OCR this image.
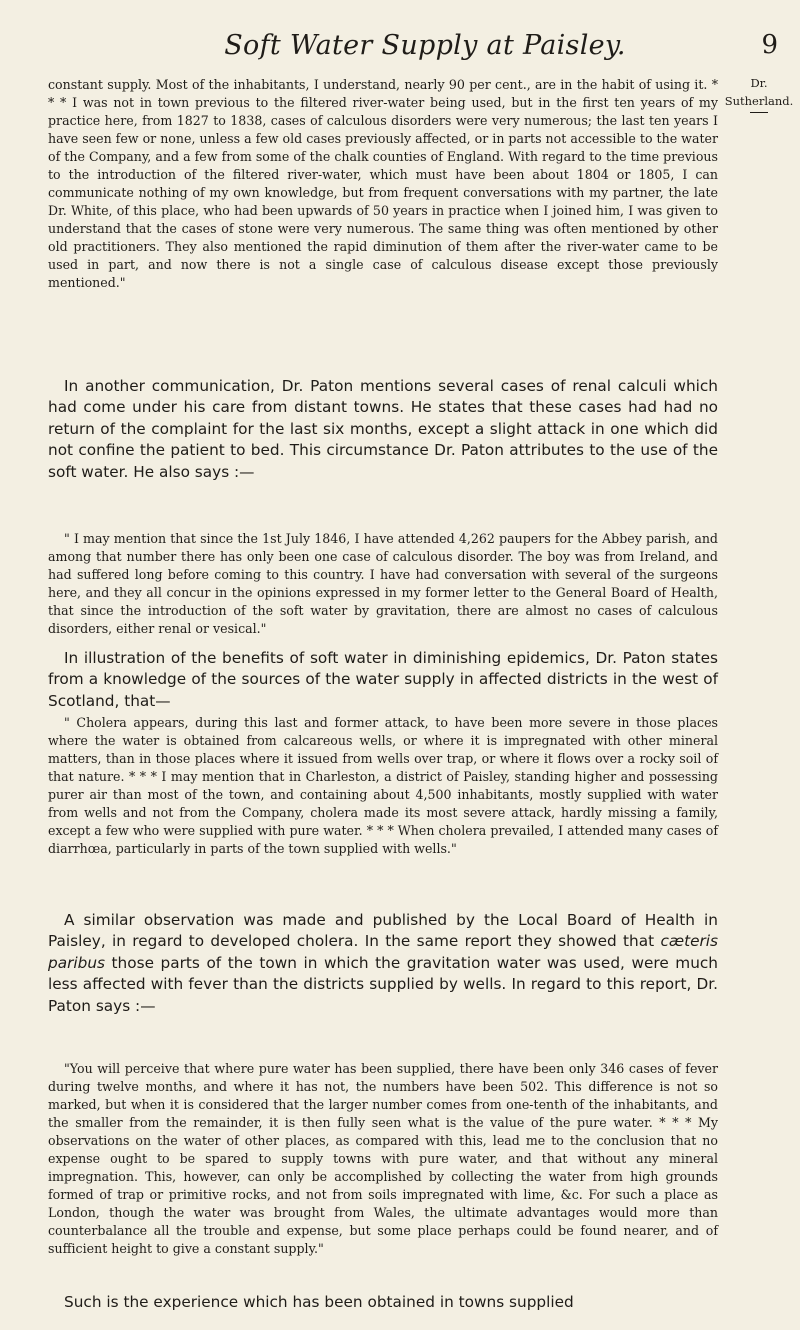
Soft Water Supply at Paisley.	9
Dr.
Sutherland.

constant supply. Most of the inhabitants, I understand, nearly 90 per cent., are in the habit of using it. * * * I was not in town previous to the filtered river-water being used, but in the first ten years of my practice here, from 1827 to 1838, cases of calculous disorders were very numerous; the last ten years I have seen few or none, unless a few old cases previously affected, or in parts not accessible to the water of the Company, and a few from some of the chalk counties of England. With regard to the time previous to the introduction of the filtered river-water, which must have been about 1804 or 1805, I can communicate nothing of my own knowledge, but from frequent conversations with my partner, the late Dr. White, of this place, who had been upwards of 50 years in practice when I joined him, I was given to understand that the cases of stone were very numerous. The same thing was often mentioned by other old practitioners. They also mentioned the rapid diminution of them after the river-water came to be used in part, and now there is not a single case of calculous disease except those previously mentioned."

In another communication, Dr. Paton mentions several cases of renal calculi which had come under his care from distant towns. He states that these cases had had no return of the complaint for the last six months, except a slight attack in one which did not confine the patient to bed. This circumstance Dr. Paton attributes to the use of the soft water. He also says :—

" I may mention that since the 1st July 1846, I have attended 4,262 paupers for the Abbey parish, and among that number there has only been one case of calculous disorder. The boy was from Ireland, and had suffered long before coming to this country. I have had conversation with several of the surgeons here, and they all concur in the opinions expressed in my former letter to the General Board of Health, that since the introduction of the soft water by gravitation, there are almost no cases of calculous disorders, either renal or vesical."

In illustration of the benefits of soft water in diminishing epidemics, Dr. Paton states from a knowledge of the sources of the water supply in affected districts in the west of Scotland, that—

" Cholera appears, during this last and former attack, to have been more severe in those places where the water is obtained from calcareous wells, or where it is impregnated with other mineral matters, than in those places where it issued from wells over trap, or where it flows over a rocky soil of that nature. * * * I may mention that in Charleston, a district of Paisley, standing higher and possessing purer air than most of the town, and containing about 4,500 inhabitants, mostly supplied with water from wells and not from the Company, cholera made its most severe attack, hardly missing a family, except a few who were supplied with pure water. * * * When cholera prevailed, I attended many cases of diarrhœa, particularly in parts of the town supplied with wells."

A similar observation was made and published by the Local Board of Health in Paisley, in regard to developed cholera. In the same report they showed that cæteris paribus those parts of the town in which the gravitation water was used, were much less affected with fever than the districts supplied by wells. In regard to this report, Dr. Paton says :—

"You will perceive that where pure water has been supplied, there have been only 346 cases of fever during twelve months, and where it has not, the numbers have been 502. This difference is not so marked, but when it is considered that the larger number comes from one-tenth of the inhabitants, and the smaller from the remainder, it is then fully seen what is the value of the pure water. * * * My observations on the water of other places, as compared with this, lead me to the conclusion that no expense ought to be spared to supply towns with pure water, and that without any mineral impregnation. This, however, can only be accomplished by collecting the water from high grounds formed of trap or primitive rocks, and not from soils impregnated with lime, &c. For such a place as London, though the water was brought from Wales, the ultimate advantages would more than counterbalance all the trouble and expense, but some place perhaps could be found nearer, and of sufficient height to give a constant supply."

Such is the experience which has been obtained in towns supplied
